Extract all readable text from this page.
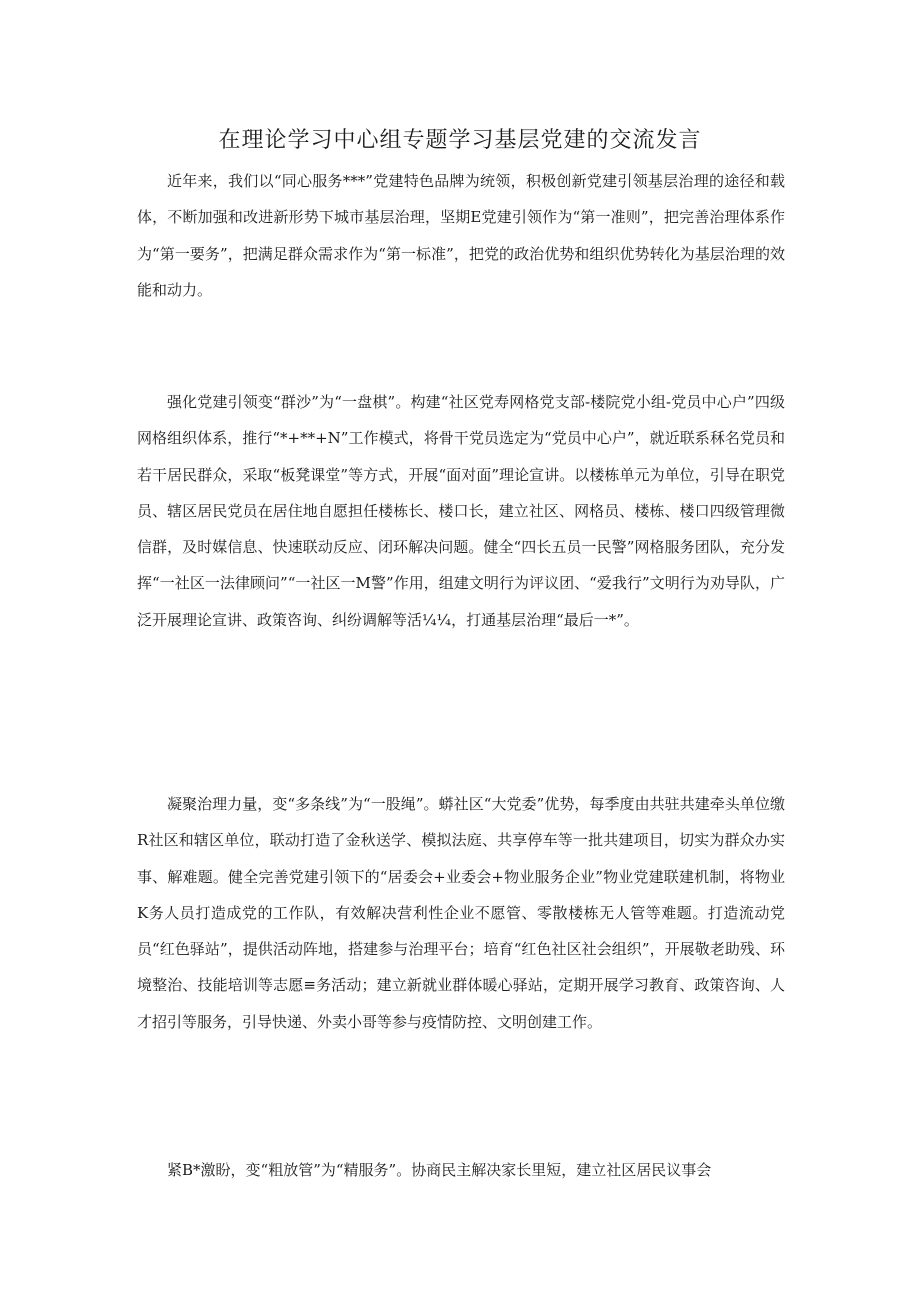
在理论学习中心组专题学习基层党建的交流发言

近年来，我们以“同心服务***”党建特色品牌为统领，积极创新党建引领基层治理的途径和载体，不断加强和改进新形势下城市基层治理，坚期E党建引领作为“第一准则”，把完善治理体系作为“第一要务”，把满足群众需求作为“第一标准”，把党的政治优势和组织优势转化为基层治理的效能和动力。

强化党建引领变“群沙”为“一盘棋”。构建“社区党寿网格党支部-楼院党小组-党员中心户”四级网格组织体系，推行“*+**+N”工作模式，将骨干党员选定为“党员中心户”，就近联系秝名党员和若干居民群众，采取“板凳课堂”等方式，开展“面对面”理论宣讲。以楼栋单元为单位，引导在职党员、辖区居民党员在居住地自愿担任楼栋长、楼口长，建立社区、网格员、楼栋、楼口四级管理微信群，及时媒信息、快速联动反应、闭环解决问题。健全“四长五员一民警”网格服务团队，充分发挥“一社区一法律顾问”“一社区一M警”作用，组建文明行为评议团、“爱我行”文明行为劝导队，广泛开展理论宣讲、政策咨询、纠纷调解等活¼¼，打通基层治理“最后一*”。

凝聚治理力量，变“多条线”为“一股绳”。蟒社区“大党委”优势，每季度由共驻共建牵头单位缴R社区和辖区单位，联动打造了金秋送学、模拟法庭、共享停车等一批共建项目，切实为群众办实事、解难题。健全完善党建引领下的“居委会+业委会+物业服务企业”物业党建联建机制，将物业K务人员打造成党的工作队，有效解决营利性企业不愿管、零散楼栋无人管等难题。打造流动党员“红色驿站”，提供活动阵地，搭建参与治理平台；培育“红色社区社会组织”，开展敬老助残、环境整治、技能培训等志愿≡务活动；建立新就业群体暖心驿站，定期开展学习教育、政策咨询、人才招引等服务，引导快递、外卖小哥等参与疫情防控、文明创建工作。

紧B*激盼，变“粗放管”为“精服务”。协商民主解决家长里短，建立社区居民议事会
